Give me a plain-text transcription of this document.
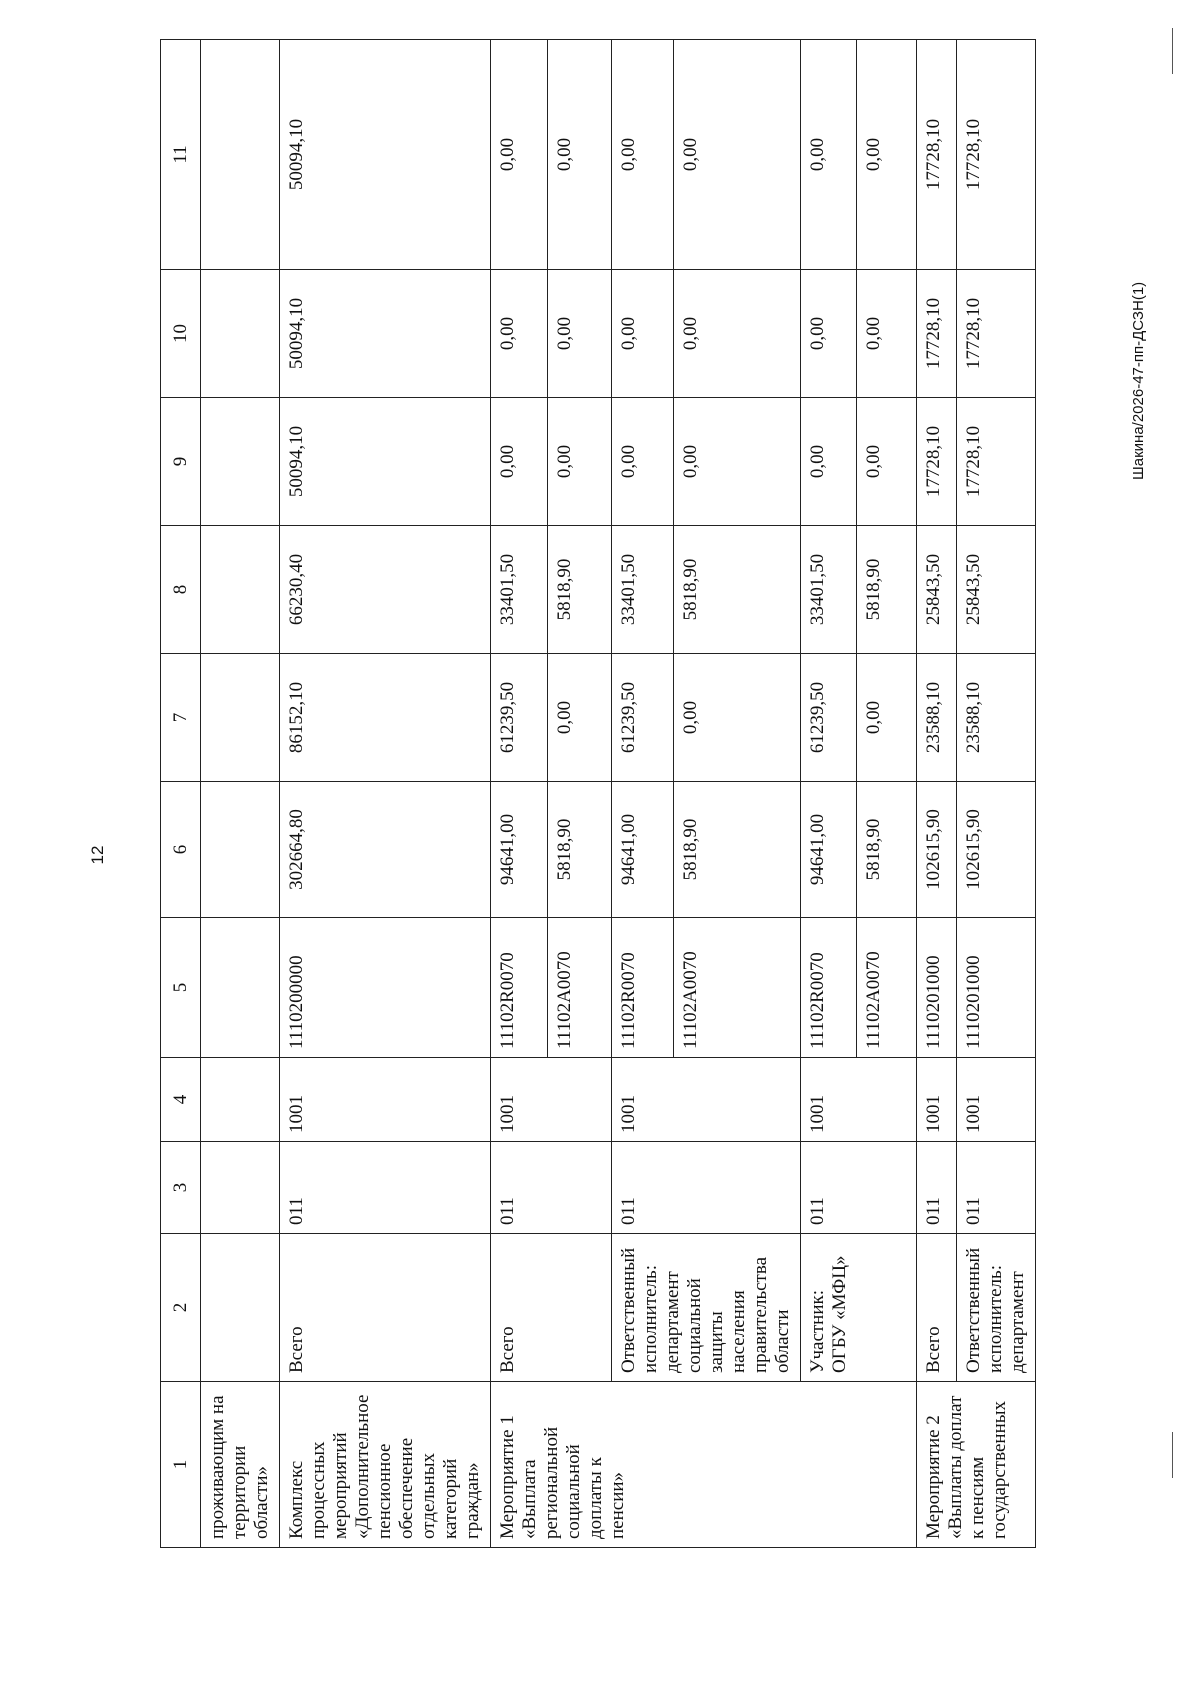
12
Шакина/2026-47-пп-ДСЗН(1)
1	2	3	4	5	6	7	8	9	10	11
проживающим на территории области»										
Комплекс процессных мероприятий «Дополнительное пенсионное обеспечение отдельных категорий граждан»	Всего	011	1001	1110200000	302664,80	86152,10	66230,40	50094,10	50094,10	50094,10
Мероприятие 1 «Выплата региональной социальной доплаты к пенсии»	Всего	011	1001	11102R0070	94641,00	61239,50	33401,50	0,00	0,00	0,00
				11102A0070	5818,90	0,00	5818,90	0,00	0,00	0,00
	Ответственный исполнитель: департамент социальной защиты населения правительства области	011	1001	11102R0070	94641,00	61239,50	33401,50	0,00	0,00	0,00
				11102A0070	5818,90	0,00	5818,90	0,00	0,00	0,00
	Участник: ОГБУ «МФЦ»	011	1001	11102R0070	94641,00	61239,50	33401,50	0,00	0,00	0,00
				11102A0070	5818,90	0,00	5818,90	0,00	0,00	0,00
Мероприятие 2 «Выплаты доплат к пенсиям государственных	Всего	011	1001	1110201000	102615,90	23588,10	25843,50	17728,10	17728,10	17728,10
	Ответственный исполнитель: департамент	011	1001	1110201000	102615,90	23588,10	25843,50	17728,10	17728,10	17728,10
